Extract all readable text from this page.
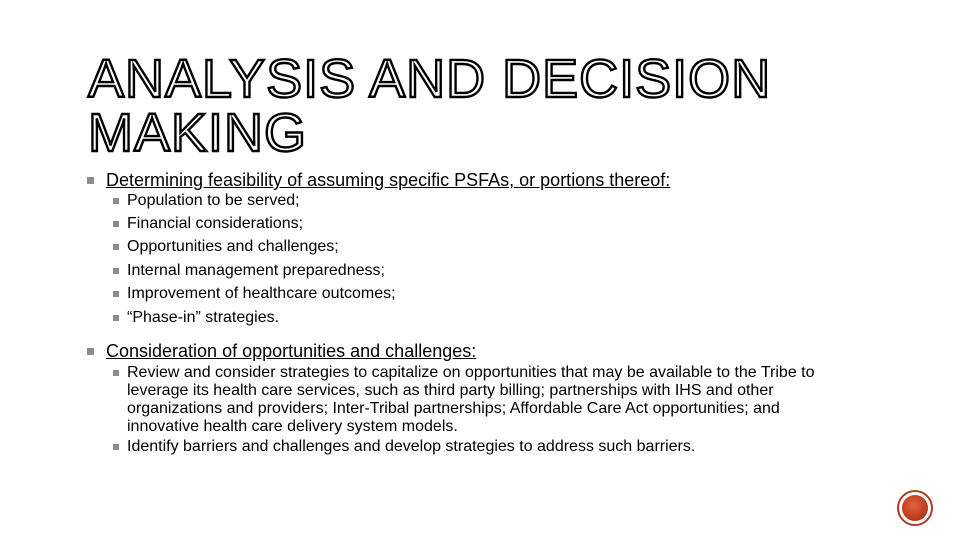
ANALYSIS AND DECISION MAKING
Determining feasibility of assuming specific PSFAs, or portions thereof:
Population to be served;
Financial considerations;
Opportunities and challenges;
Internal management preparedness;
Improvement of healthcare outcomes;
“Phase-in” strategies.
Consideration of opportunities and challenges:
Review and consider strategies to capitalize on opportunities that may be available to the Tribe to leverage its health care services, such as third party billing; partnerships with IHS and other organizations and providers; Inter-Tribal partnerships; Affordable Care Act opportunities; and innovative health care delivery system models.
Identify barriers and challenges and develop strategies to address such barriers.
